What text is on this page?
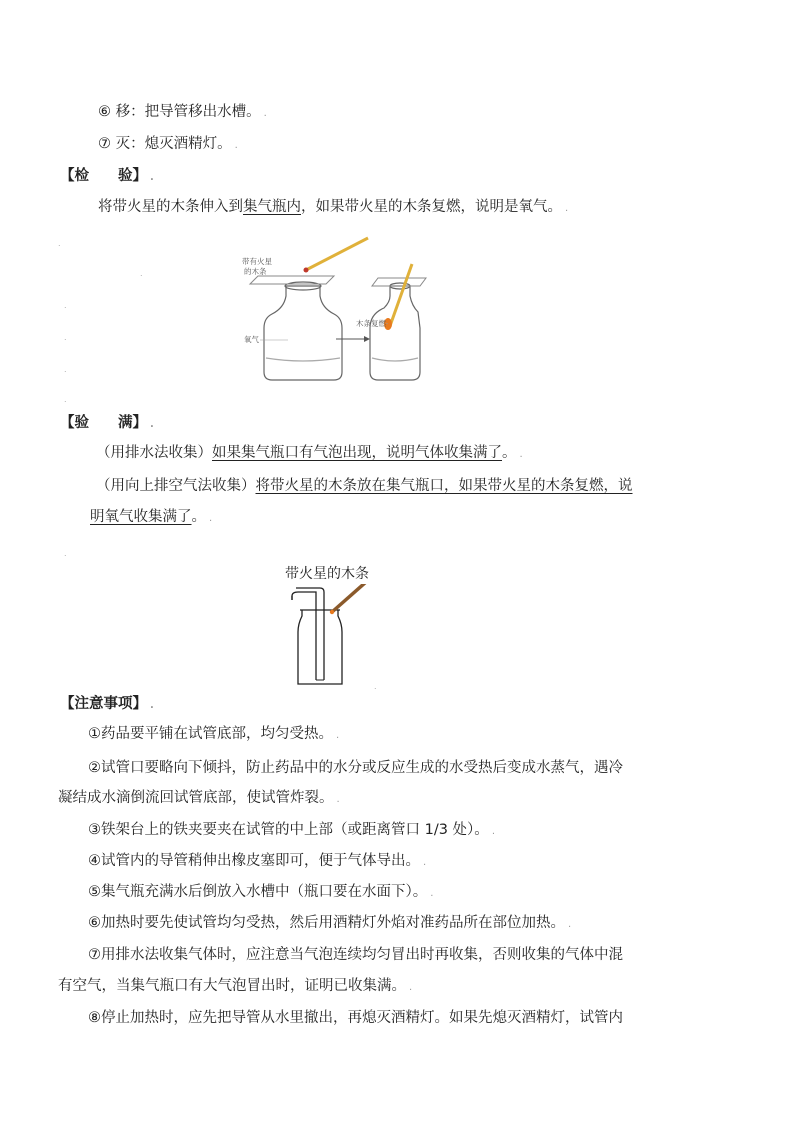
⑥ 移：把导管移出水槽。 .
⑦ 灭：熄灭酒精灯。 .
【检　　验】 .
将带火星的木条伸入到集气瓶内，如果带火星的木条复燃，说明是氧气。 .
.
.
.
.
.
.
带有火星
的木条
氧气
木条复燃
【验　　满】 .
（用排水法收集）如果集气瓶口有气泡出现，说明气体收集满了。 .
（用向上排空气法收集）将带火星的木条放在集气瓶口，如果带火星的木条复燃，说
明氧气收集满了。 .
.
带火星的木条
.
【注意事项】 .
①药品要平铺在试管底部，均匀受热。 .
②试管口要略向下倾抖，防止药品中的水分或反应生成的水受热后变成水蒸气，遇冷
凝结成水滴倒流回试管底部，使试管炸裂。 .
③铁架台上的铁夹要夹在试管的中上部（或距离管口 1/3 处）。 .
④试管内的导管稍伸出橡皮塞即可，便于气体导出。 .
⑤集气瓶充满水后倒放入水槽中（瓶口要在水面下）。 .
⑥加热时要先使试管均匀受热，然后用酒精灯外焰对准药品所在部位加热。 .
⑦用排水法收集气体时，应注意当气泡连续均匀冒出时再收集，否则收集的气体中混
有空气，当集气瓶口有大气泡冒出时，证明已收集满。 .
⑧停止加热时，应先把导管从水里撤出，再熄灭酒精灯。如果先熄灭酒精灯，试管内
